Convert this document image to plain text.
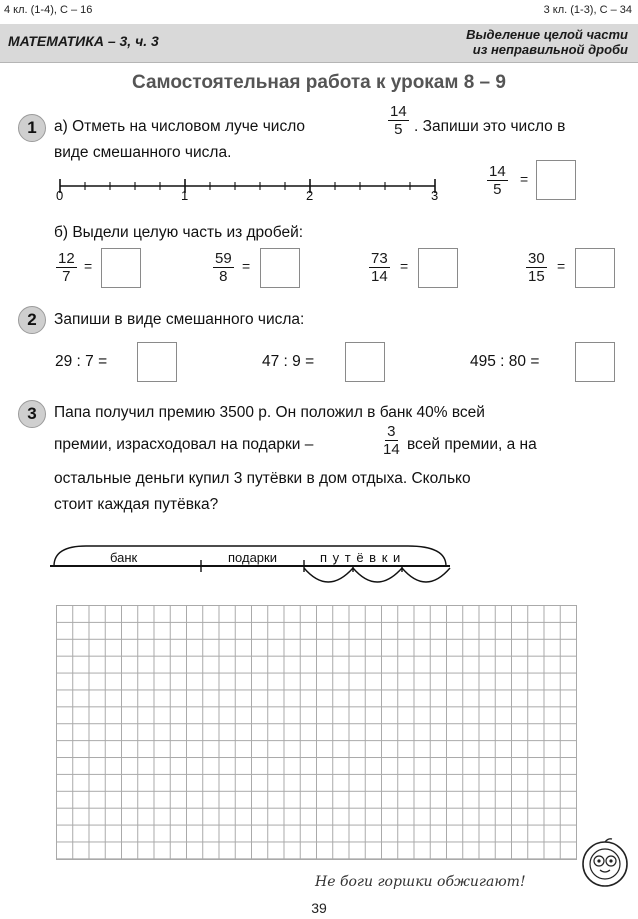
4 кл. (1-4), С – 16	3 кл. (1-3), С – 34
МАТЕМАТИКА – 3, ч. 3	Выделение целой части
из неправильной дроби
Самостоятельная работа к урокам 8 – 9
1	а) Отметь на числовом луче число	$\frac{14}{5}$ . Запиши это число в
виде смешанного числа.
0	1	2	3	$\frac{14}{5}$ =
б) Выдели целую часть из дробей:
$\frac{12}{7}$ =	$\frac{59}{8}$ =	$\frac{73}{14}$ =	$\frac{30}{15}$ =
2	Запиши в виде смешанного числа:
29 : 7 =	47 : 9 =	495 : 80 =
3	Папа получил премию 3500 р. Он положил в банк 40% всей
премии, израсходовал на подарки –	$\frac{3}{14}$ всей премии, а на
остальные деньги купил 3 путёвки в дом отдыха. Сколько
стоит каждая путёвка?
банк	подарки	п у т ё в к и
Не боги горшки обжигают!
39
